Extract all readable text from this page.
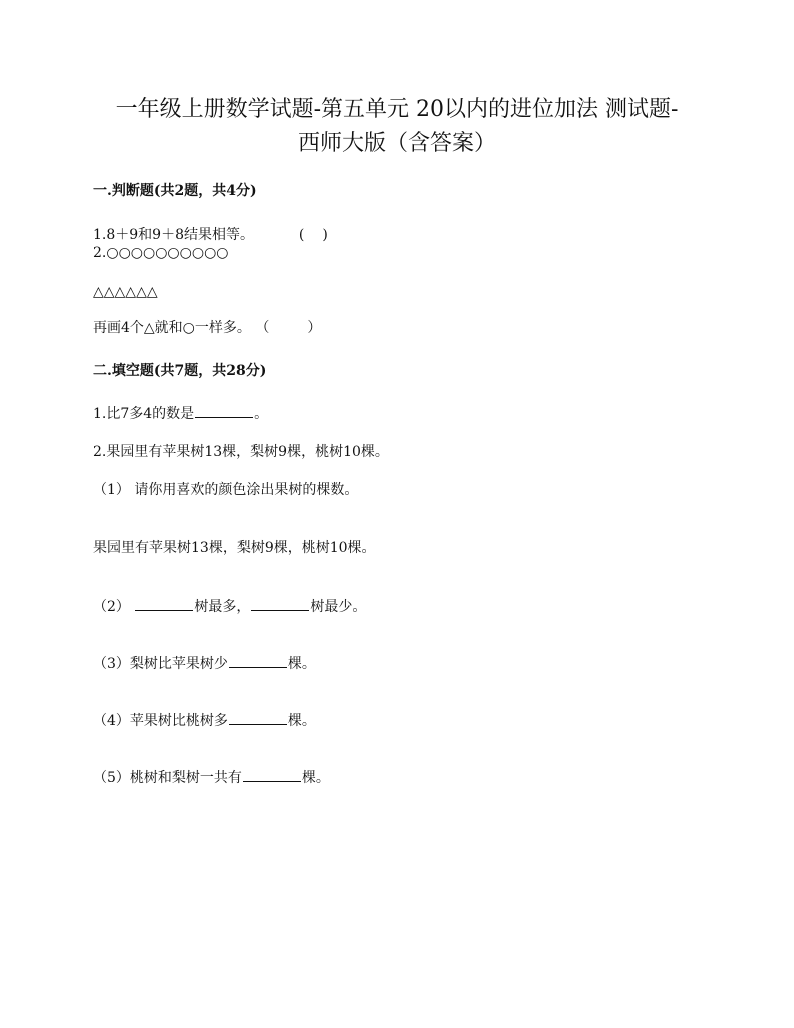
一年级上册数学试题-第五单元 20以内的进位加法 测试题-
西师大版（含答案）

一.判断题(共2题，共4分)

1.8＋9和9＋8结果相等。	( )

2.○○○○○○○○○○

△△△△△△

再画4个△就和○一样多。 （	）

二.填空题(共7题，共28分)

1.比7多4的数是	。

2.果园里有苹果树13棵，梨树9棵，桃树10棵。

（1） 请你用喜欢的颜色涂出果树的棵数。

果园里有苹果树13棵，梨树9棵，桃树10棵。

（2）	树最多，	树最少。

（3）梨树比苹果树少	棵。

（4）苹果树比桃树多	棵。

（5）桃树和梨树一共有	棵。
